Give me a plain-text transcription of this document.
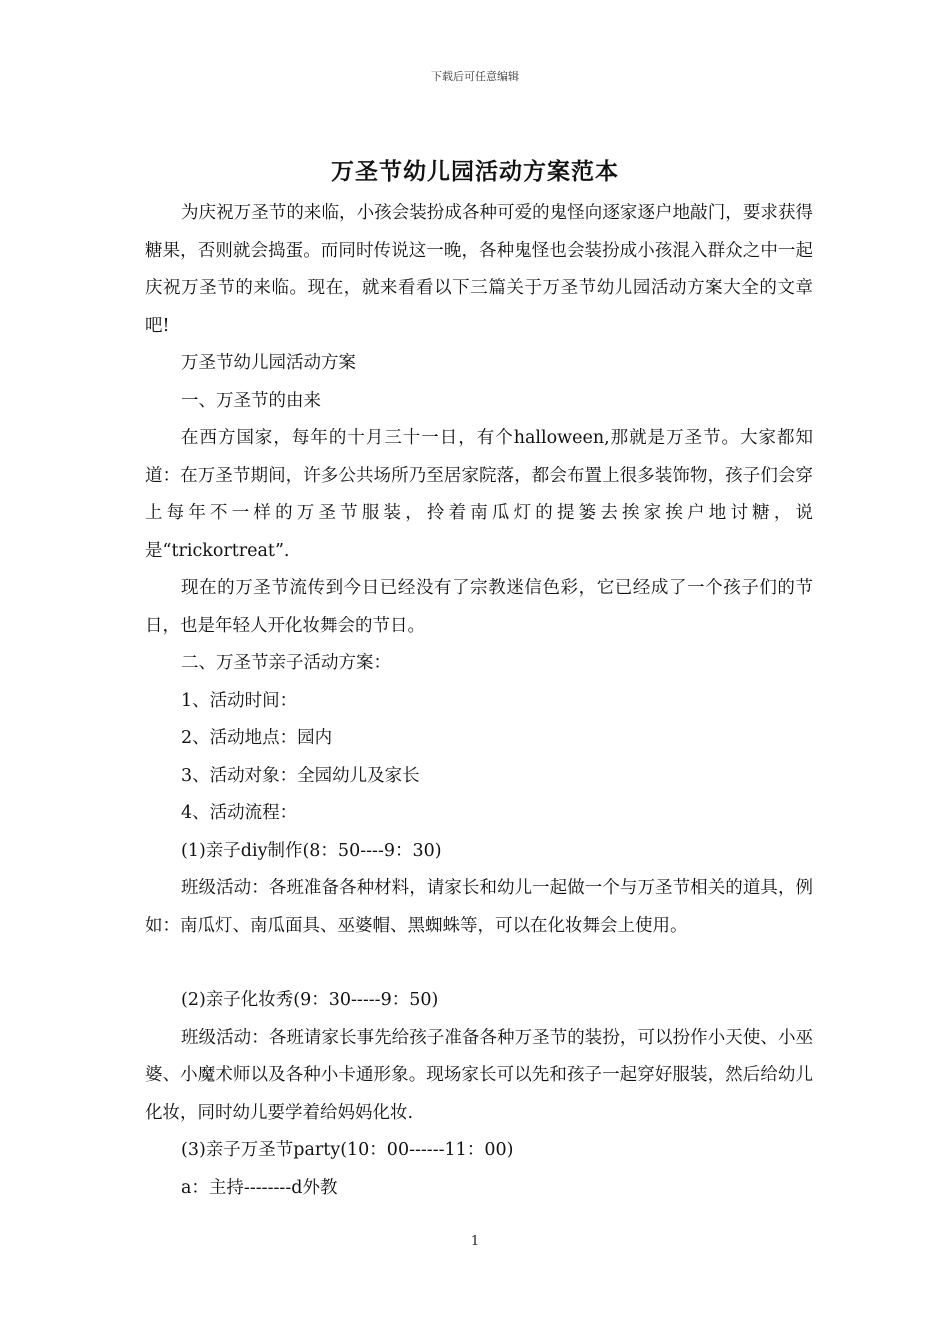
下载后可任意编辑
万圣节幼儿园活动方案范本

为庆祝万圣节的来临，小孩会装扮成各种可爱的鬼怪向逐家逐户地敲门，要求获得糖果，否则就会捣蛋。而同时传说这一晚，各种鬼怪也会装扮成小孩混入群众之中一起庆祝万圣节的来临。现在，就来看看以下三篇关于万圣节幼儿园活动方案大全的文章吧!

万圣节幼儿园活动方案

一、万圣节的由来

在西方国家，每年的十月三十一日，有个halloween,那就是万圣节。大家都知道：在万圣节期间，许多公共场所乃至居家院落，都会布置上很多装饰物，孩子们会穿上每年不一样的万圣节服装，拎着南瓜灯的提篓去挨家挨户地讨糖，说是“trickortreat”.

现在的万圣节流传到今日已经没有了宗教迷信色彩，它已经成了一个孩子们的节日，也是年轻人开化妆舞会的节日。

二、万圣节亲子活动方案：

1、活动时间：

2、活动地点：园内

3、活动对象：全园幼儿及家长

4、活动流程：

(1)亲子diy制作(8：50----9：30)

班级活动：各班准备各种材料，请家长和幼儿一起做一个与万圣节相关的道具，例如：南瓜灯、南瓜面具、巫婆帽、黑蜘蛛等，可以在化妆舞会上使用。

(2)亲子化妆秀(9：30-----9：50)

班级活动：各班请家长事先给孩子准备各种万圣节的装扮，可以扮作小天使、小巫婆、小魔术师以及各种小卡通形象。现场家长可以先和孩子一起穿好服装，然后给幼儿化妆，同时幼儿要学着给妈妈化妆.

(3)亲子万圣节party(10：00------11：00)

a：主持--------d外教

1
